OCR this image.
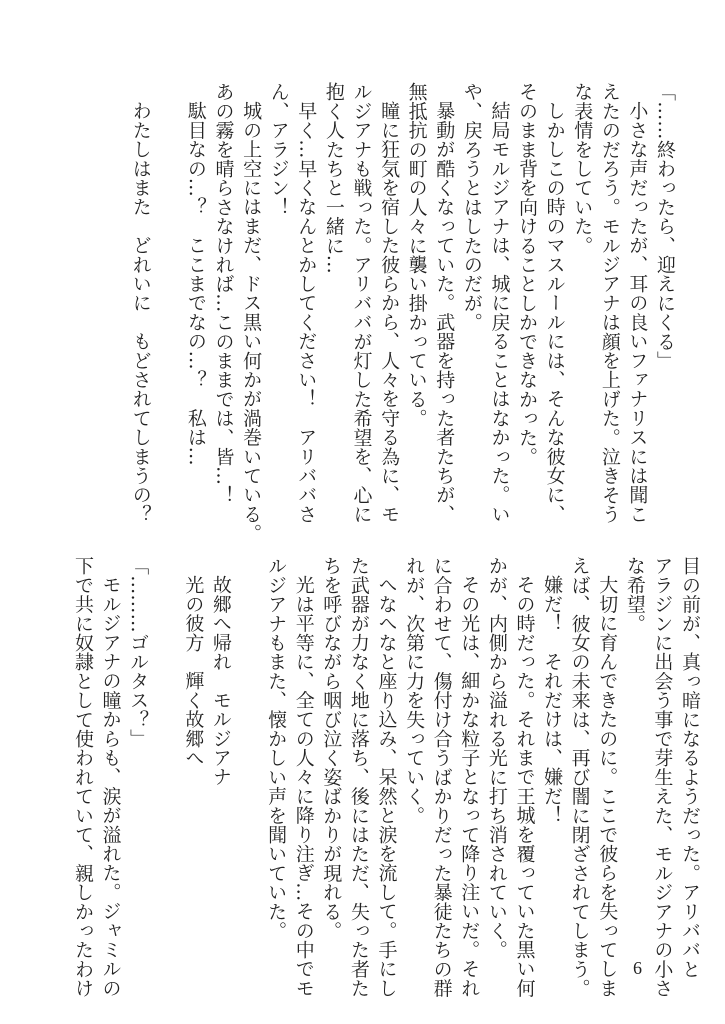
「……終わったら、迎えにくる」
小さな声だったが、耳の良いファナリスには聞こ
えたのだろう。モルジアナは顔を上げた。泣きそう
な表情をしていた。
しかしこの時のマスルールには、そんな彼女に、
そのまま背を向けることしかできなかった。
結局モルジアナは、城に戻ることはなかった。い
や、戻ろうとはしたのだが。
暴動が酷くなっていた。武器を持った者たちが、
無抵抗の町の人々に襲い掛かっている。
瞳に狂気を宿した彼らから、人々を守る為に、モ
ルジアナも戦った。アリババが灯した希望を、心に
抱く人たちと一緒に…
早く…早くなんとかしてください！　アリババさ
ん、アラジン！
城の上空にはまだ、ドス黒い何かが渦巻いている。
あの霧を晴らさなければ…このままでは、皆…！
駄目なの…？　ここまでなの…？　私は…
わたしはまた　どれいに　もどされてしまうの？
目の前が、真っ暗になるようだった。アリババと
アラジンに出会う事で芽生えた、モルジアナの小さ
な希望。
大切に育んできたのに。ここで彼らを失ってしま
えば、彼女の未来は、再び闇に閉ざされてしまう。
嫌だ！　それだけは、嫌だ！
その時だった。それまで王城を覆っていた黒い何
かが、内側から溢れる光に打ち消されていく。
その光は、細かな粒子となって降り注いだ。それ
に合わせて、傷付け合うばかりだった暴徒たちの群
れが、次第に力を失っていく。
へなへなと座り込み、呆然と涙を流して。手にし
た武器が力なく地に落ち、後にはただ、失った者た
ちを呼びながら咽び泣く姿ばかりが現れる。
光は平等に、全ての人々に降り注ぎ…その中でモ
ルジアナもまた、懐かしい声を聞いていた。
故郷へ帰れ　モルジアナ
光の彼方　輝く故郷へ
「………ゴルタス？」
モルジアナの瞳からも、涙が溢れた。ジャミルの
下で共に奴隷として使われていて、親しかったわけ	6
